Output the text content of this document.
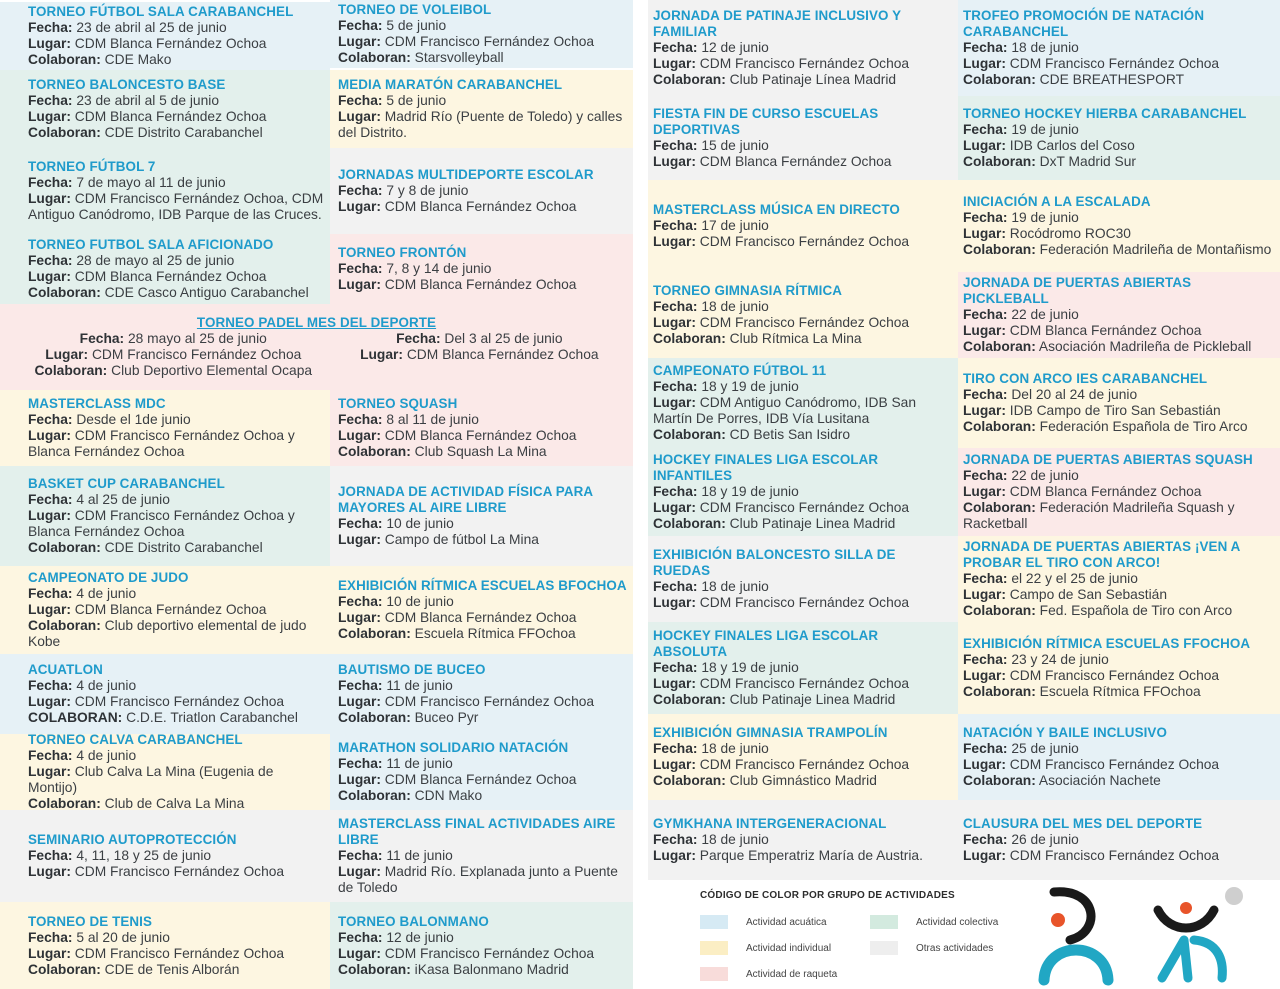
TORNEO FÚTBOL SALA CARABANCHEL
Fecha: 23 de abril al 25 de junio
Lugar: CDM Blanca Fernández Ochoa
Colaboran: CDE Mako
TORNEO DE VOLEIBOL
Fecha: 5 de junio
Lugar: CDM Francisco Fernández Ochoa
Colaboran: Starsvolleyball
TORNEO BALONCESTO BASE
Fecha: 23 de abril al 5 de junio
Lugar: CDM Blanca Fernández Ochoa
Colaboran: CDE Distrito Carabanchel
MEDIA MARATÓN CARABANCHEL
Fecha: 5 de junio
Lugar: Madrid Río (Puente de Toledo) y calles del Distrito.
TORNEO FÚTBOL 7
Fecha: 7 de mayo al 11 de junio
Lugar: CDM Francisco Fernández Ochoa, CDM Antiguo Canódromo, IDB Parque de las Cruces.
JORNADAS MULTIDEPORTE ESCOLAR
Fecha: 7 y 8 de junio
Lugar: CDM Blanca Fernández Ochoa
TORNEO FUTBOL SALA AFICIONADO
Fecha: 28 de mayo al 25 de junio
Lugar: CDM Blanca Fernández Ochoa
Colaboran: CDE Casco Antiguo Carabanchel
TORNEO FRONTÓN
Fecha: 7, 8 y 14 de junio
Lugar: CDM Blanca Fernández Ochoa
TORNEO PADEL MES DEL DEPORTE
Fecha: 28 mayo al 25 de junio
Lugar: CDM Francisco Fernández Ochoa
Colaboran: Club Deportivo Elemental Ocapa
Fecha: Del 3 al 25 de junio
Lugar: CDM Blanca Fernández Ochoa
MASTERCLASS MDC
Fecha: Desde el 1de junio
Lugar: CDM Francisco Fernández Ochoa y Blanca Fernández Ochoa
TORNEO SQUASH
Fecha: 8 al 11 de junio
Lugar: CDM Blanca Fernández Ochoa
Colaboran: Club Squash La Mina
BASKET CUP CARABANCHEL
Fecha: 4 al 25 de junio
Lugar: CDM Francisco Fernández Ochoa y Blanca Fernández Ochoa
Colaboran: CDE Distrito Carabanchel
JORNADA DE ACTIVIDAD FÍSICA PARA MAYORES AL AIRE LIBRE
Fecha: 10 de junio
Lugar: Campo de fútbol La Mina
CAMPEONATO DE JUDO
Fecha: 4 de junio
Lugar: CDM Blanca Fernández Ochoa
Colaboran: Club deportivo elemental de judo Kobe
EXHIBICIÓN RÍTMICA ESCUELAS BFOCHOA
Fecha: 10 de junio
Lugar: CDM Blanca Fernández Ochoa
Colaboran: Escuela Rítmica FFOchoa
ACUATLON
Fecha: 4 de junio
Lugar: CDM Francisco Fernández Ochoa
COLABORAN: C.D.E. Triatlon Carabanchel
BAUTISMO DE BUCEO
Fecha: 11 de junio
Lugar: CDM Francisco Fernández Ochoa
Colaboran: Buceo Pyr
TORNEO CALVA CARABANCHEL
Fecha: 4 de junio
Lugar: Club Calva La Mina (Eugenia de Montijo)
Colaboran: Club de Calva La Mina
MARATHON SOLIDARIO NATACIÓN
Fecha: 11 de junio
Lugar: CDM Blanca Fernández Ochoa
Colaboran: CDN Mako
SEMINARIO AUTOPROTECCIÓN
Fecha: 4, 11, 18 y 25 de junio
Lugar: CDM Francisco Fernández Ochoa
MASTERCLASS FINAL ACTIVIDADES AIRE LIBRE
Fecha: 11 de junio
Lugar: Madrid Río. Explanada junto a Puente de Toledo
TORNEO DE TENIS
Fecha: 5 al 20 de junio
Lugar: CDM Francisco Fernández Ochoa
Colaboran: CDE de Tenis Alborán
TORNEO BALONMANO
Fecha: 12 de junio
Lugar: CDM Francisco Fernández Ochoa
Colaboran: iKasa Balonmano Madrid
JORNADA DE PATINAJE INCLUSIVO Y FAMILIAR
Fecha: 12 de junio
Lugar: CDM Francisco Fernández Ochoa
Colaboran: Club Patinaje Línea Madrid
TROFEO PROMOCIÓN DE NATACIÓN CARABANCHEL
Fecha: 18 de junio
Lugar: CDM Francisco Fernández Ochoa
Colaboran: CDE BREATHESPORT
FIESTA FIN DE CURSO ESCUELAS DEPORTIVAS
Fecha: 15 de junio
Lugar: CDM Blanca Fernández Ochoa
TORNEO HOCKEY HIERBA CARABANCHEL
Fecha: 19 de junio
Lugar: IDB Carlos del Coso
Colaboran: DxT Madrid Sur
MASTERCLASS MÚSICA EN DIRECTO
Fecha: 17 de junio
Lugar: CDM Francisco Fernández Ochoa
INICIACIÓN A LA ESCALADA
Fecha: 19 de junio
Lugar: Rocódromo ROC30
Colaboran: Federación Madrileña de Montañismo
TORNEO GIMNASIA RÍTMICA
Fecha: 18 de junio
Lugar: CDM Francisco Fernández Ochoa
Colaboran: Club Rítmica La Mina
JORNADA DE PUERTAS ABIERTAS PICKLEBALL
Fecha: 22 de junio
Lugar: CDM Blanca Fernández Ochoa
Colaboran: Asociación Madrileña de Pickleball
CAMPEONATO FÚTBOL 11
Fecha: 18 y 19 de junio
Lugar: CDM Antiguo Canódromo, IDB San Martín De Porres, IDB Vía Lusitana
Colaboran: CD Betis San Isidro
TIRO CON ARCO IES CARABANCHEL
Fecha: Del 20 al 24 de junio
Lugar: IDB Campo de Tiro San Sebastián
Colaboran: Federación Española de Tiro Arco
HOCKEY FINALES LIGA ESCOLAR INFANTILES
Fecha: 18 y 19 de junio
Lugar: CDM Francisco Fernández Ochoa
Colaboran: Club Patinaje Linea Madrid
JORNADA DE PUERTAS ABIERTAS SQUASH
Fecha: 22 de junio
Lugar: CDM Blanca Fernández Ochoa
Colaboran: Federación Madrileña Squash y Racketball
EXHIBICIÓN BALONCESTO SILLA DE RUEDAS
Fecha: 18 de junio
Lugar: CDM Francisco Fernández Ochoa
JORNADA DE PUERTAS ABIERTAS ¡VEN A PROBAR EL TIRO CON ARCO!
Fecha: el 22 y el 25 de junio
Lugar: Campo de San Sebastián
Colaboran: Fed. Española de Tiro con Arco
HOCKEY FINALES LIGA ESCOLAR ABSOLUTA
Fecha: 18 y 19 de junio
Lugar: CDM Francisco Fernández Ochoa
Colaboran: Club Patinaje Linea Madrid
EXHIBICIÓN RÍTMICA ESCUELAS FFOCHOA
Fecha: 23 y 24 de junio
Lugar: CDM Francisco Fernández Ochoa
Colaboran: Escuela Rítmica FFOchoa
EXHIBICIÓN GIMNASIA TRAMPOLÍN
Fecha: 18 de junio
Lugar: CDM Francisco Fernández Ochoa
Colaboran: Club Gimnástico Madrid
NATACIÓN Y BAILE INCLUSIVO
Fecha: 25 de junio
Lugar: CDM Francisco Fernández Ochoa
Colaboran: Asociación Nachete
GYMKHANA INTERGENERACIONAL
Fecha: 18 de junio
Lugar: Parque Emperatriz María de Austria.
CLAUSURA DEL MES DEL DEPORTE
Fecha: 26 de junio
Lugar: CDM Francisco Fernández Ochoa
CÓDIGO DE COLOR POR GRUPO DE ACTIVIDADES
Actividad acuática	Actividad colectiva
Actividad individual	Otras actividades
Actividad de raqueta
